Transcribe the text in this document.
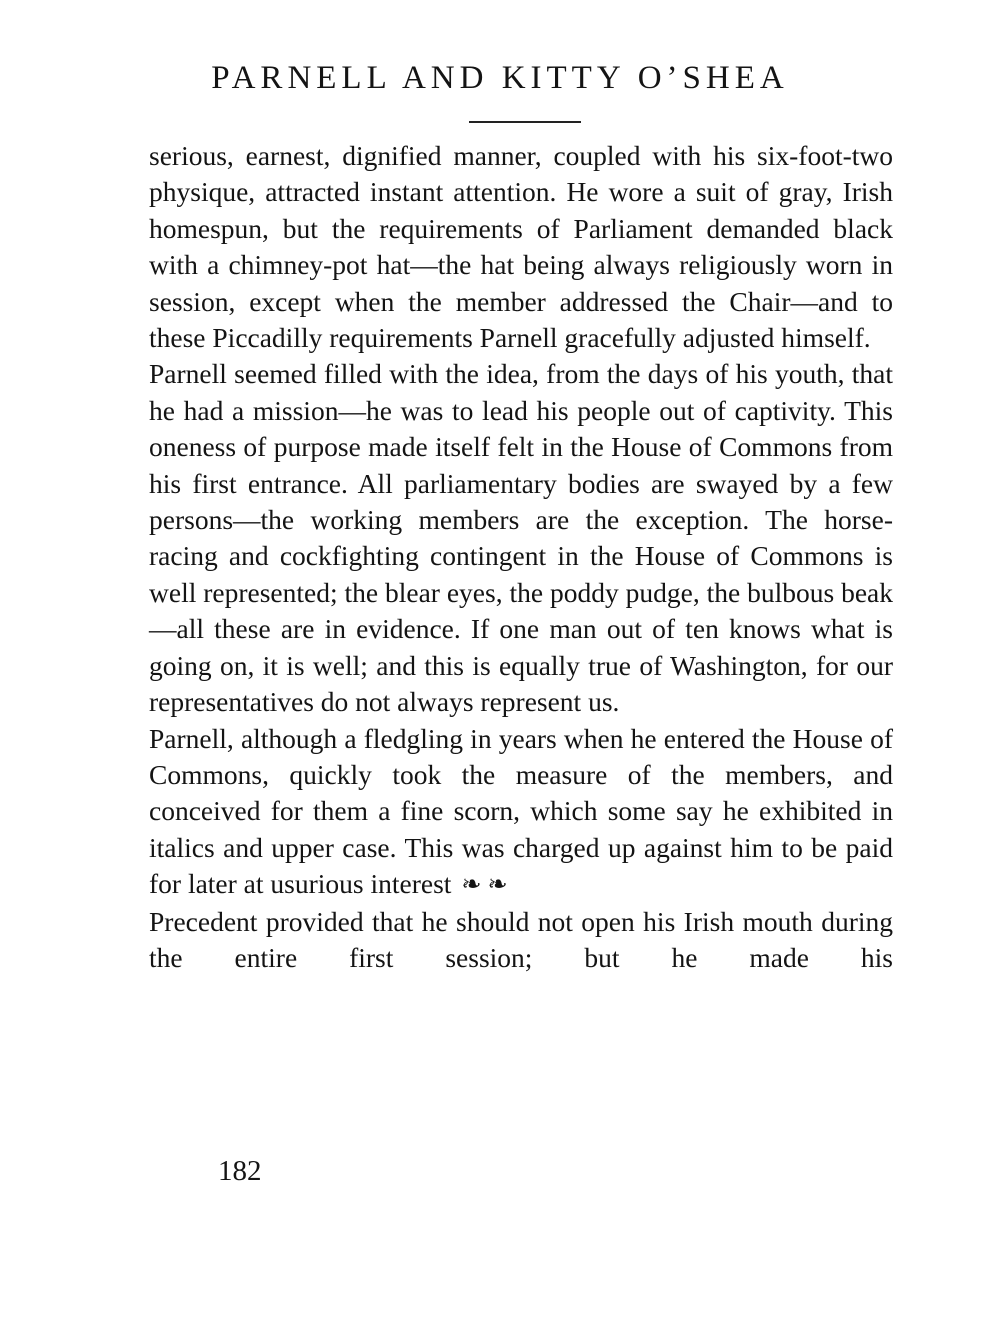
PARNELL AND KITTY O’SHEA

serious, earnest, dignified manner, coupled with his six-foot-two physique, attracted instant attention. He wore a suit of gray, Irish homespun, but the requirements of Parliament demanded black with a chimney-pot hat—the hat being always religiously worn in session, except when the member addressed the Chair—and to these Piccadilly requirements Parnell gracefully adjusted himself.

Parnell seemed filled with the idea, from the days of his youth, that he had a mission—he was to lead his people out of captivity. This oneness of purpose made itself felt in the House of Commons from his first entrance. All parliamentary bodies are swayed by a few persons—the working members are the exception. The horse-racing and cockfighting contingent in the House of Commons is well represented; the blear eyes, the poddy pudge, the bulbous beak—all these are in evidence. If one man out of ten knows what is going on, it is well; and this is equally true of Washington, for our representatives do not always represent us.

Parnell, although a fledgling in years when he entered the House of Commons, quickly took the measure of the members, and conceived for them a fine scorn, which some say he exhibited in italics and upper case. This was charged up against him to be paid for later at usurious interest ❧❧

Precedent provided that he should not open his Irish mouth during the entire first session; but he made his

182
